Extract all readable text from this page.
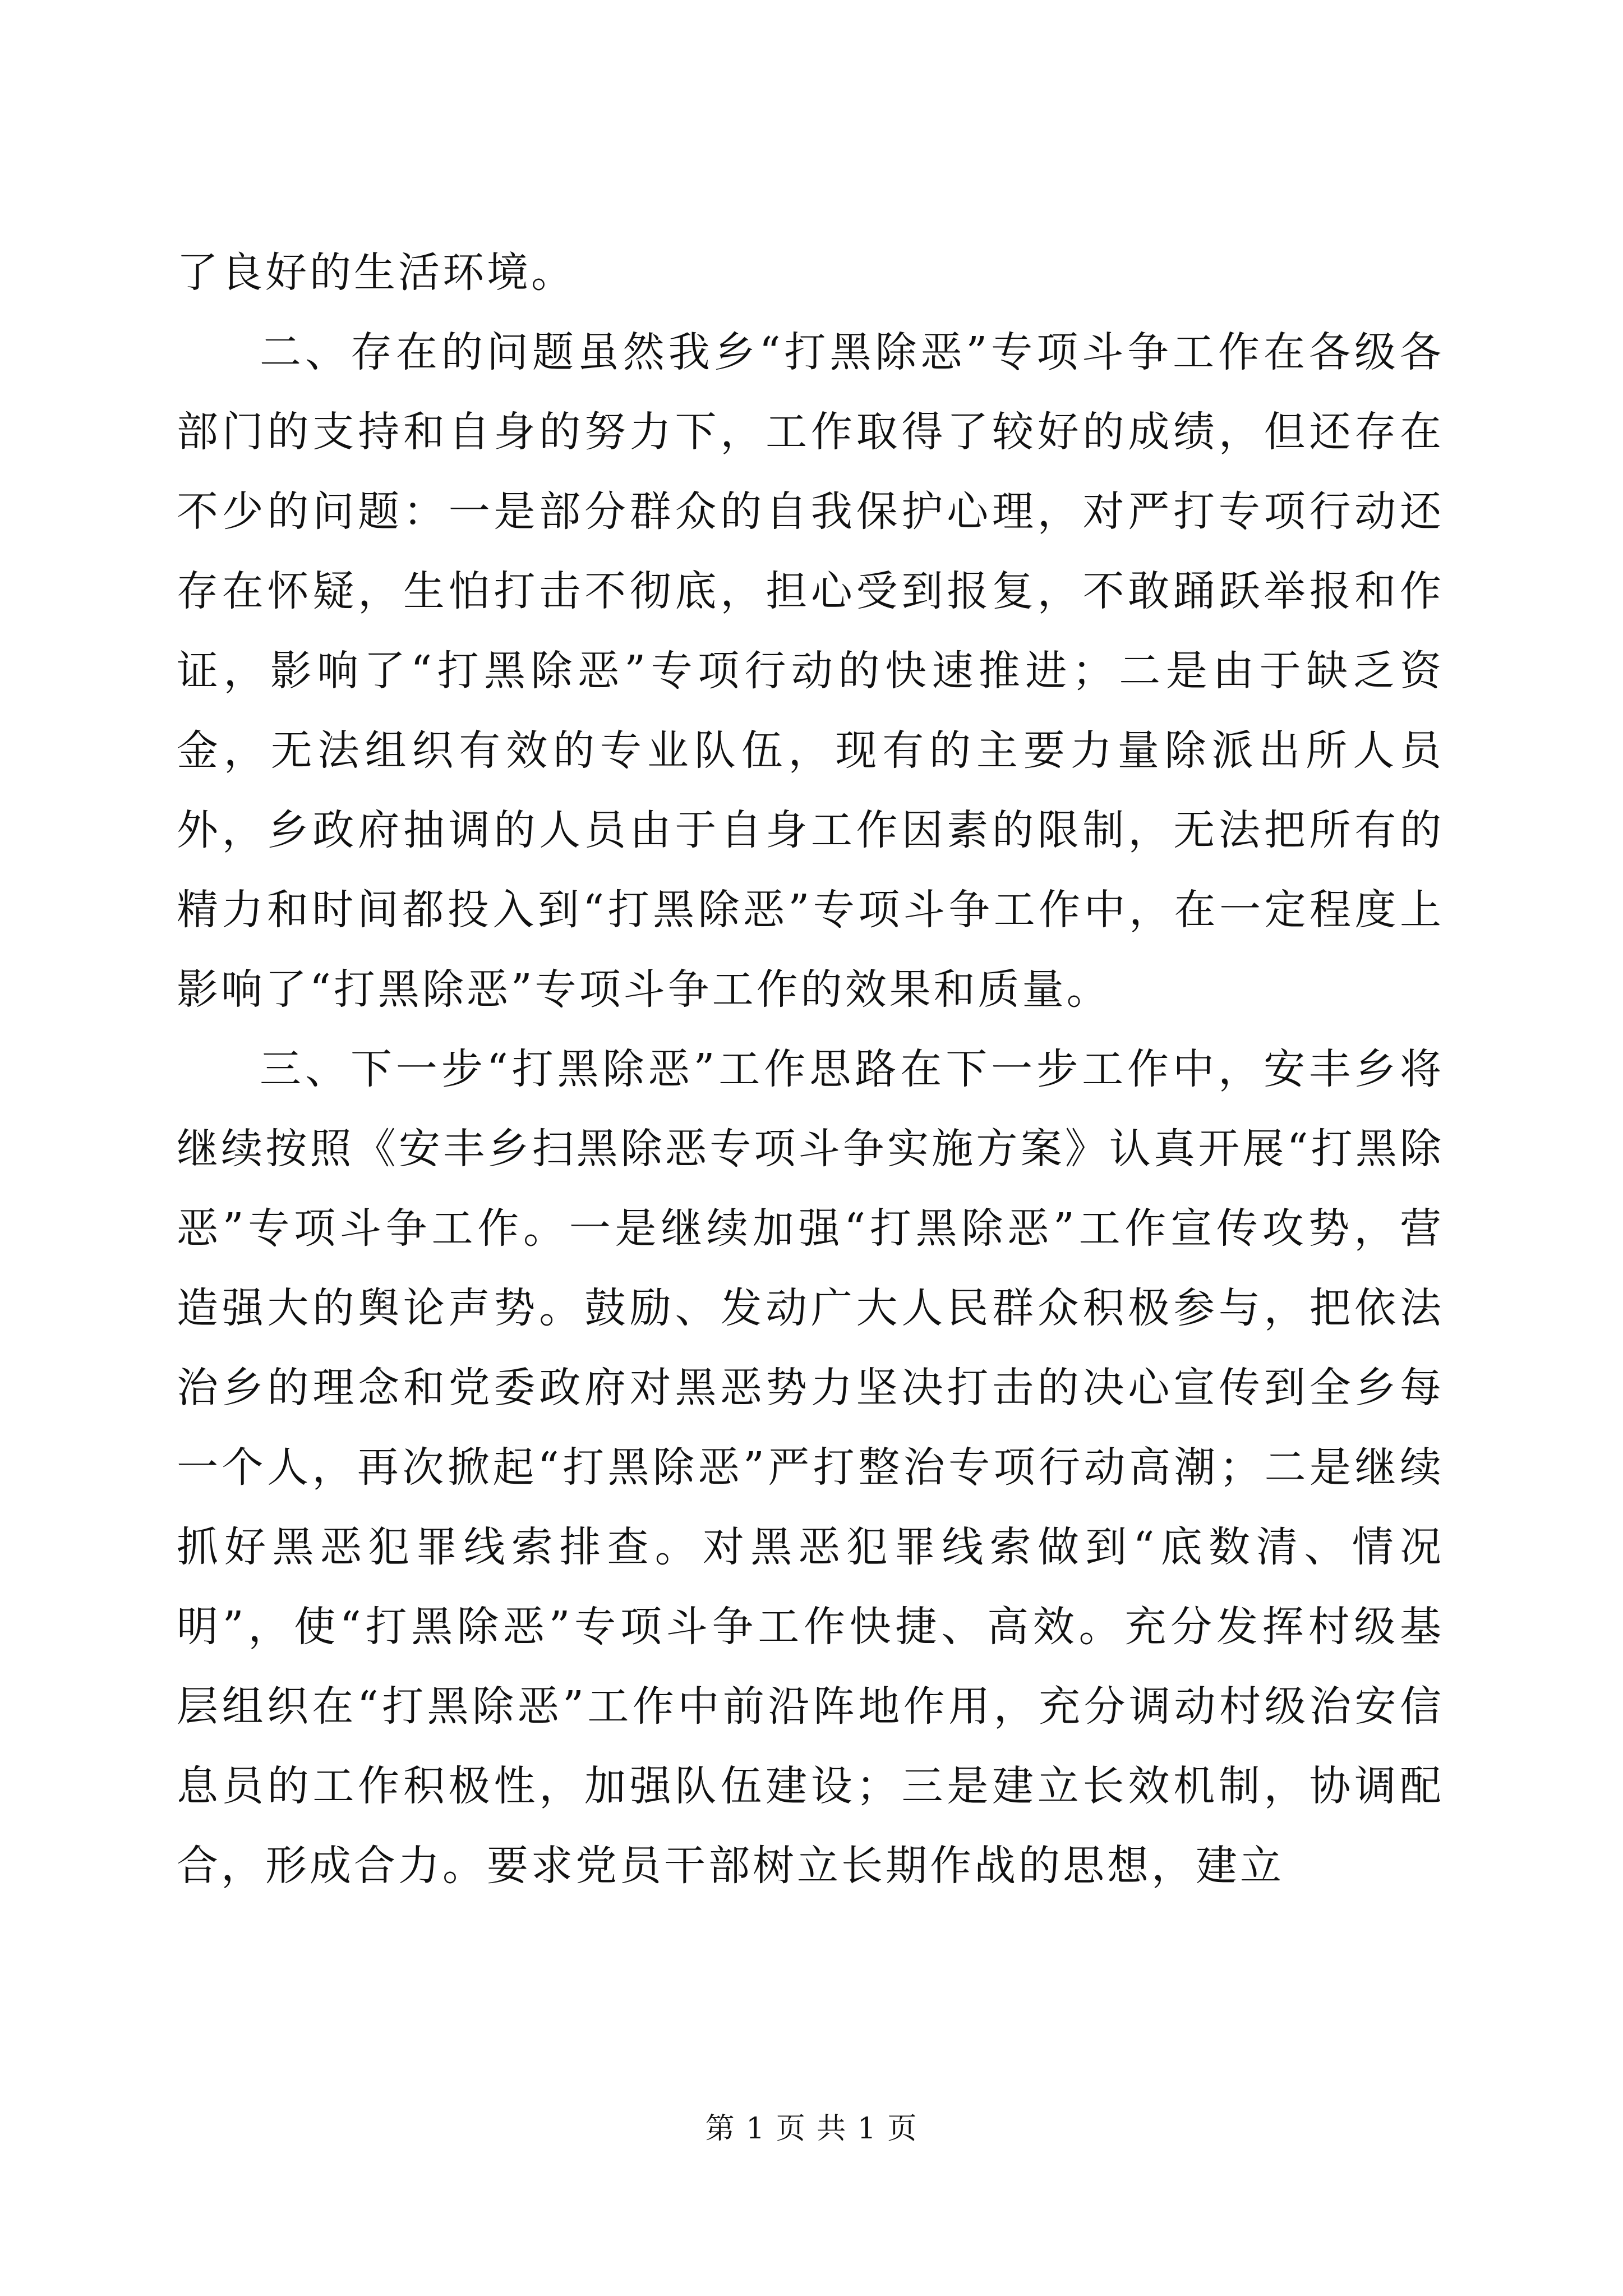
了良好的生活环境。

二、存在的问题虽然我乡“打黑除恶”专项斗争工作在各级各部门的支持和自身的努力下，工作取得了较好的成绩，但还存在不少的问题：一是部分群众的自我保护心理，对严打专项行动还存在怀疑，生怕打击不彻底，担心受到报复，不敢踊跃举报和作证，影响了“打黑除恶”专项行动的快速推进；二是由于缺乏资金，无法组织有效的专业队伍，现有的主要力量除派出所人员外，乡政府抽调的人员由于自身工作因素的限制，无法把所有的精力和时间都投入到“打黑除恶”专项斗争工作中，在一定程度上影响了“打黑除恶”专项斗争工作的效果和质量。

三、下一步“打黑除恶”工作思路在下一步工作中，安丰乡将继续按照《安丰乡扫黑除恶专项斗争实施方案》认真开展“打黑除恶”专项斗争工作。一是继续加强“打黑除恶”工作宣传攻势，营造强大的舆论声势。鼓励、发动广大人民群众积极参与，把依法治乡的理念和党委政府对黑恶势力坚决打击的决心宣传到全乡每一个人，再次掀起“打黑除恶”严打整治专项行动高潮；二是继续抓好黑恶犯罪线索排查。对黑恶犯罪线索做到“底数清、情况明”，使“打黑除恶”专项斗争工作快捷、高效。充分发挥村级基层组织在“打黑除恶”工作中前沿阵地作用，充分调动村级治安信息员的工作积极性，加强队伍建设；三是建立长效机制，协调配合，形成合力。要求党员干部树立长期作战的思想，建立

第 1 页 共 1 页
